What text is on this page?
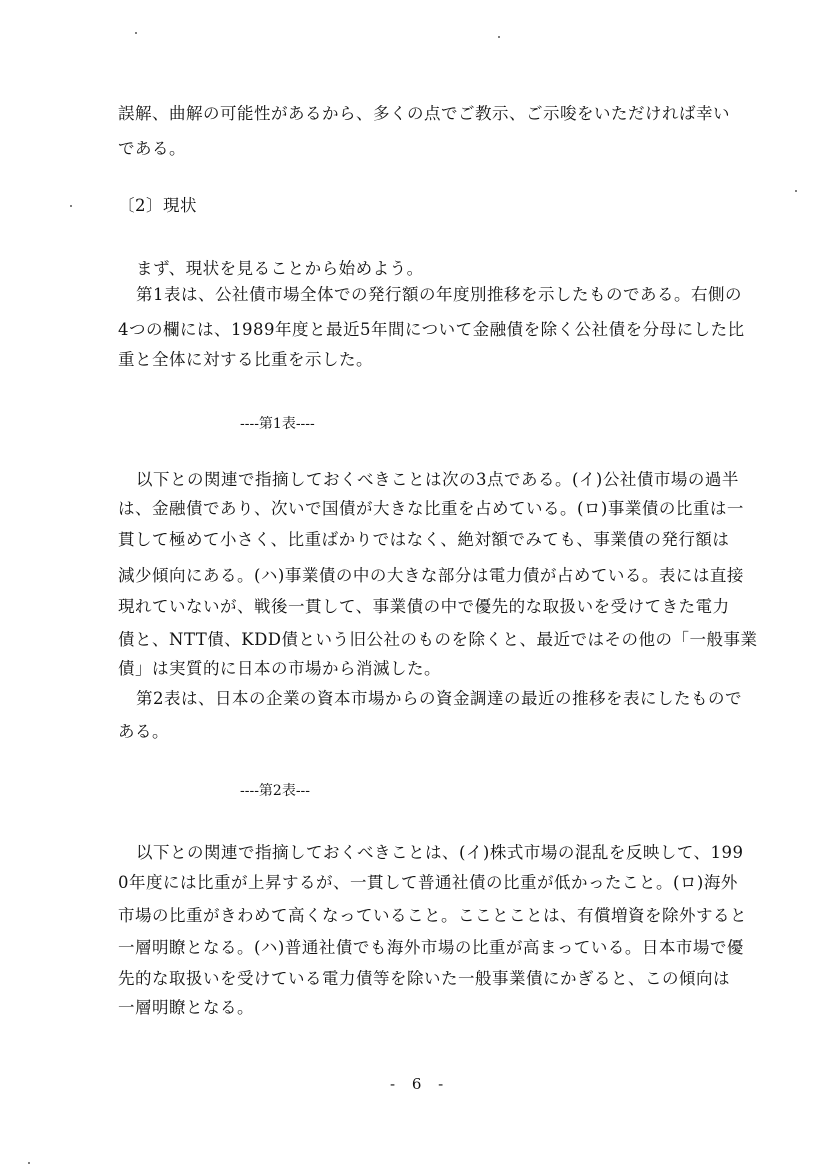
誤解、曲解の可能性があるから、多くの点でご教示、ご示唆をいただければ幸い
である。
〔2〕現状
まず、現状を見ることから始めよう。
第1表は、公社債市場全体での発行額の年度別推移を示したものである。右側の
4つの欄には、1989年度と最近5年間について金融債を除く公社債を分母にした比
重と全体に対する比重を示した。
----第1表----
以下との関連で指摘しておくべきことは次の3点である。(イ)公社債市場の過半
は、金融債であり、次いで国債が大きな比重を占めている。(ロ)事業債の比重は一
貫して極めて小さく、比重ばかりではなく、絶対額でみても、事業債の発行額は
減少傾向にある。(ハ)事業債の中の大きな部分は電力債が占めている。表には直接
現れていないが、戦後一貫して、事業債の中で優先的な取扱いを受けてきた電力
債と、NTT債、KDD債という旧公社のものを除くと、最近ではその他の「一般事業
債」は実質的に日本の市場から消滅した。
第2表は、日本の企業の資本市場からの資金調達の最近の推移を表にしたもので
ある。
----第2表---
以下との関連で指摘しておくべきことは、(イ)株式市場の混乱を反映して、199
0年度には比重が上昇するが、一貫して普通社債の比重が低かったこと。(ロ)海外
市場の比重がきわめて高くなっていること。こことことは、有償増資を除外すると
一層明瞭となる。(ハ)普通社債でも海外市場の比重が高まっている。日本市場で優
先的な取扱いを受けている電力債等を除いた一般事業債にかぎると、この傾向は
一層明瞭となる。
- 6 -
